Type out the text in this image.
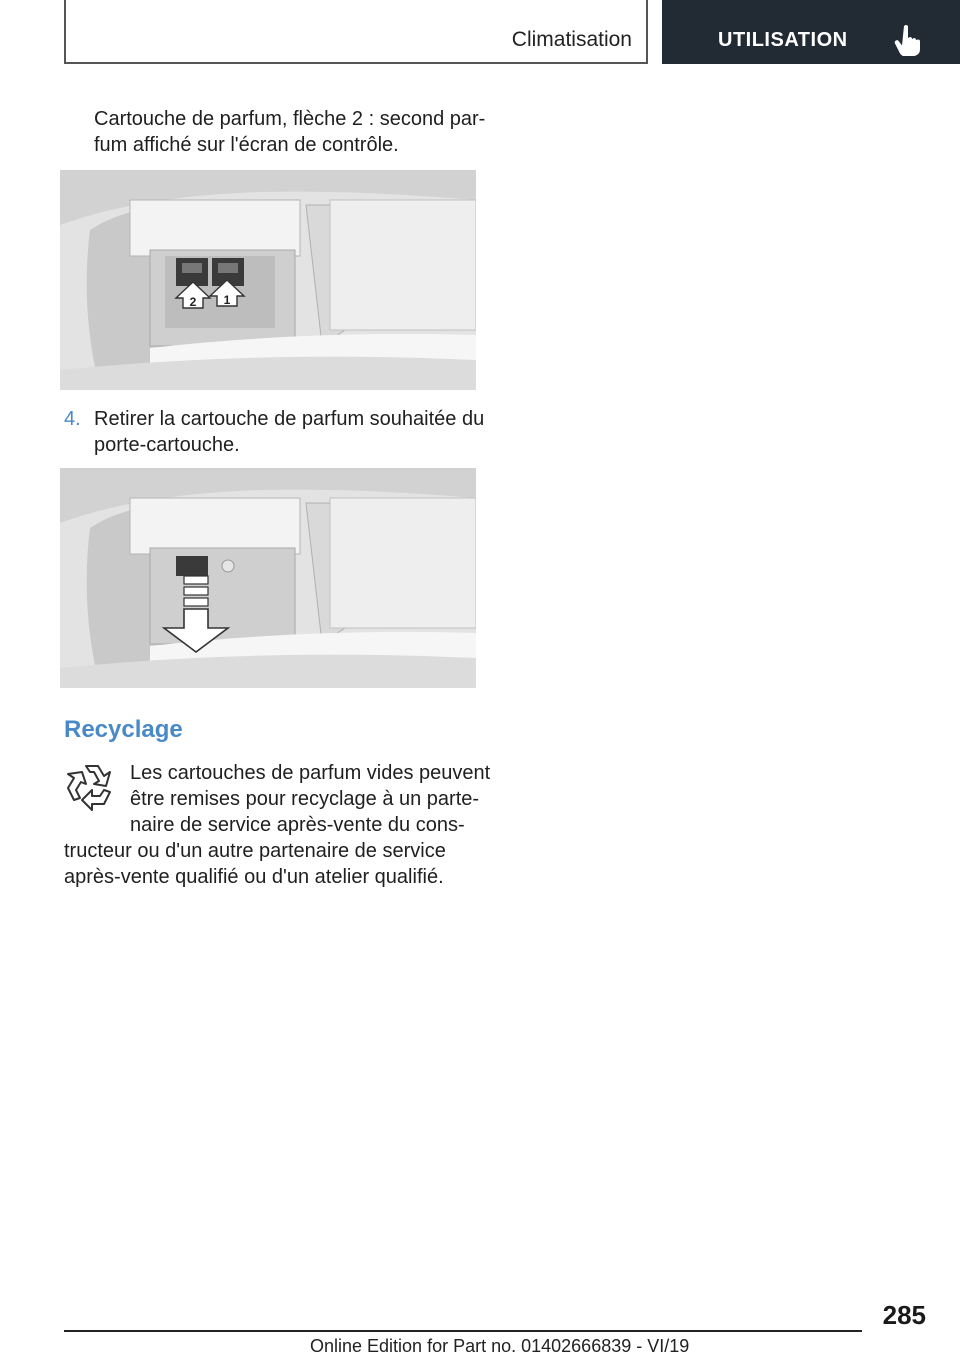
Climatisation	UTILISATION
Cartouche de parfum, flèche 2 : second par-
fum affiché sur l'écran de contrôle.
2 1
4. Retirer la cartouche de parfum souhaitée du
porte-cartouche.
Recyclage
Les cartouches de parfum vides peuvent
être remises pour recyclage à un parte-
naire de service après-vente du cons-
tructeur ou d'un autre partenaire de service
après-vente qualifié ou d'un atelier qualifié.
285
Online Edition for Part no. 01402666839 - VI/19
